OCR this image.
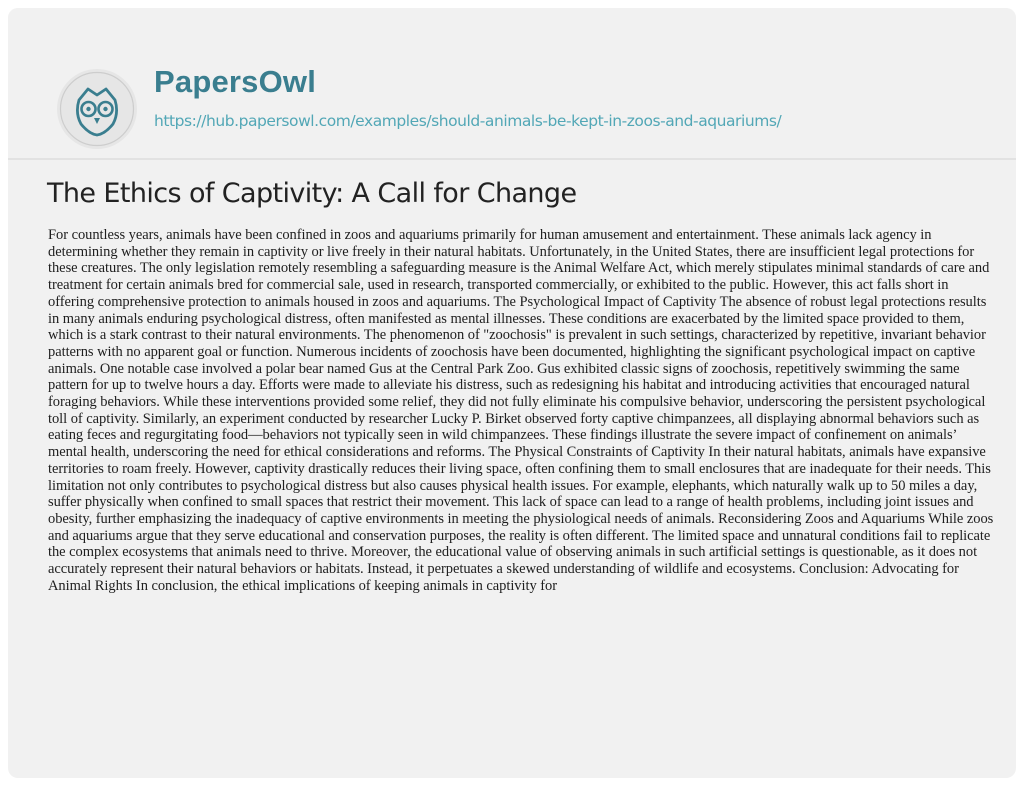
PapersOwl
https://hub.papersowl.com/examples/should-animals-be-kept-in-zoos-and-aquariums/
The Ethics of Captivity: A Call for Change

For countless years, animals have been confined in zoos and aquariums primarily for human amusement and entertainment. These animals lack agency in determining whether they remain in captivity or live freely in their natural habitats. Unfortunately, in the United States, there are insufficient legal protections for these creatures. The only legislation remotely resembling a safeguarding measure is the Animal Welfare Act, which merely stipulates minimal standards of care and treatment for certain animals bred for commercial sale, used in research, transported commercially, or exhibited to the public. However, this act falls short in offering comprehensive protection to animals housed in zoos and aquariums. The Psychological Impact of Captivity The absence of robust legal protections results in many animals enduring psychological distress, often manifested as mental illnesses. These conditions are exacerbated by the limited space provided to them, which is a stark contrast to their natural environments. The phenomenon of "zoochosis" is prevalent in such settings, characterized by repetitive, invariant behavior patterns with no apparent goal or function. Numerous incidents of zoochosis have been documented, highlighting the significant psychological impact on captive animals. One notable case involved a polar bear named Gus at the Central Park Zoo. Gus exhibited classic signs of zoochosis, repetitively swimming the same pattern for up to twelve hours a day. Efforts were made to alleviate his distress, such as redesigning his habitat and introducing activities that encouraged natural foraging behaviors. While these interventions provided some relief, they did not fully eliminate his compulsive behavior, underscoring the persistent psychological toll of captivity. Similarly, an experiment conducted by researcher Lucky P. Birket observed forty captive chimpanzees, all displaying abnormal behaviors such as eating feces and regurgitating food—behaviors not typically seen in wild chimpanzees. These findings illustrate the severe impact of confinement on animals’ mental health, underscoring the need for ethical considerations and reforms. The Physical Constraints of Captivity In their natural habitats, animals have expansive territories to roam freely. However, captivity drastically reduces their living space, often confining them to small enclosures that are inadequate for their needs. This limitation not only contributes to psychological distress but also causes physical health issues. For example, elephants, which naturally walk up to 50 miles a day, suffer physically when confined to small spaces that restrict their movement. This lack of space can lead to a range of health problems, including joint issues and obesity, further emphasizing the inadequacy of captive environments in meeting the physiological needs of animals. Reconsidering Zoos and Aquariums While zoos and aquariums argue that they serve educational and conservation purposes, the reality is often different. The limited space and unnatural conditions fail to replicate the complex ecosystems that animals need to thrive. Moreover, the educational value of observing animals in such artificial settings is questionable, as it does not accurately represent their natural behaviors or habitats. Instead, it perpetuates a skewed understanding of wildlife and ecosystems. Conclusion: Advocating for Animal Rights In conclusion, the ethical implications of keeping animals in captivity for
